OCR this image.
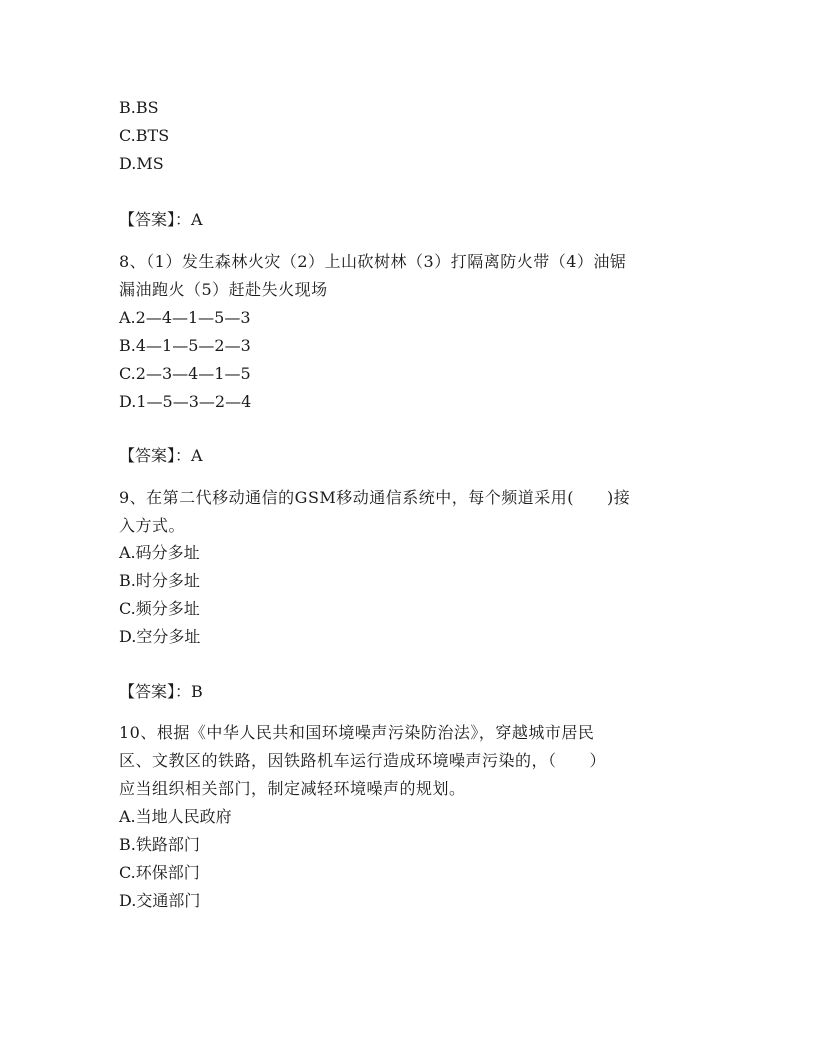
B.BS
C.BTS
D.MS
【答案】：A
8、（1）发生森林火灾（2）上山砍树林（3）打隔离防火带（4）油锯
漏油跑火（5）赶赴失火现场
A.2—4—1—5—3
B.4—1—5—2—3
C.2—3—4—1—5
D.1—5—3—2—4
【答案】：A
9、在第二代移动通信的GSM移动通信系统中，每个频道采用(　　)接
入方式。
A.码分多址
B.时分多址
C.频分多址
D.空分多址
【答案】：B
10、根据《中华人民共和国环境噪声污染防治法》，穿越城市居民
区、文教区的铁路，因铁路机车运行造成环境噪声污染的，（　　）
应当组织相关部门，制定减轻环境噪声的规划。
A.当地人民政府
B.铁路部门
C.环保部门
D.交通部门
